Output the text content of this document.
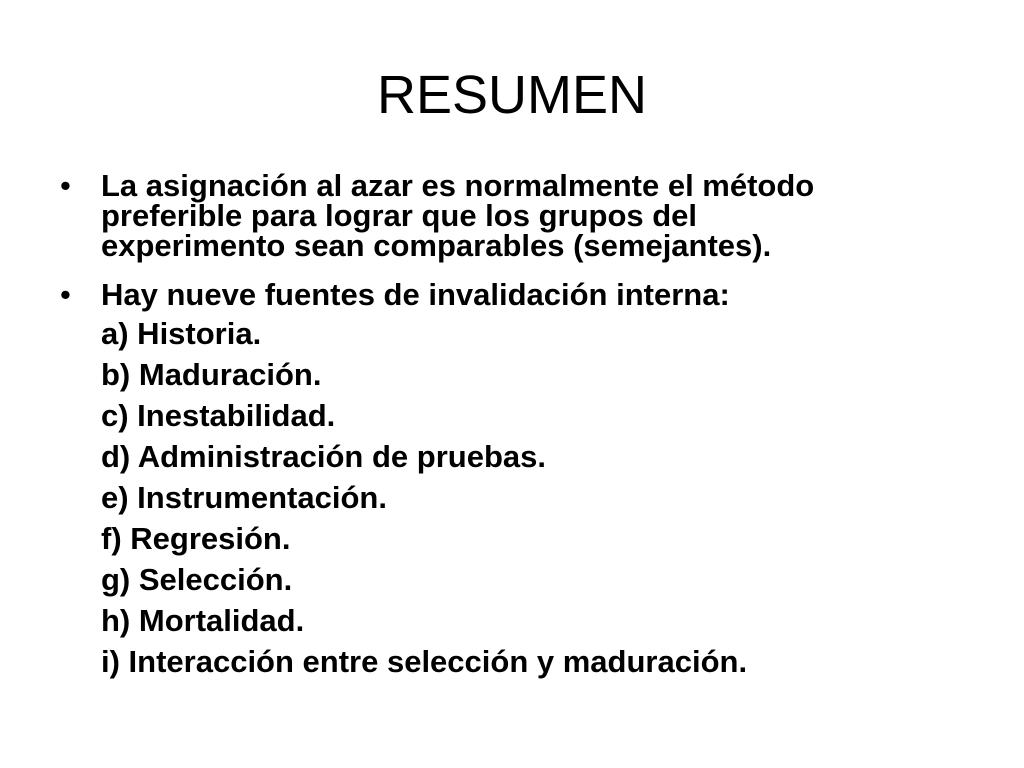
RESUMEN
• La asignación al azar es normalmente el método
preferible para lograr que los grupos del
experimento sean comparables (semejantes).
• Hay nueve fuentes de invalidación interna:
a) Historia.
b) Maduración.
c) Inestabilidad.
d) Administración de pruebas.
e) Instrumentación.
f) Regresión.
g) Selección.
h) Mortalidad.
i) Interacción entre selección y maduración.
